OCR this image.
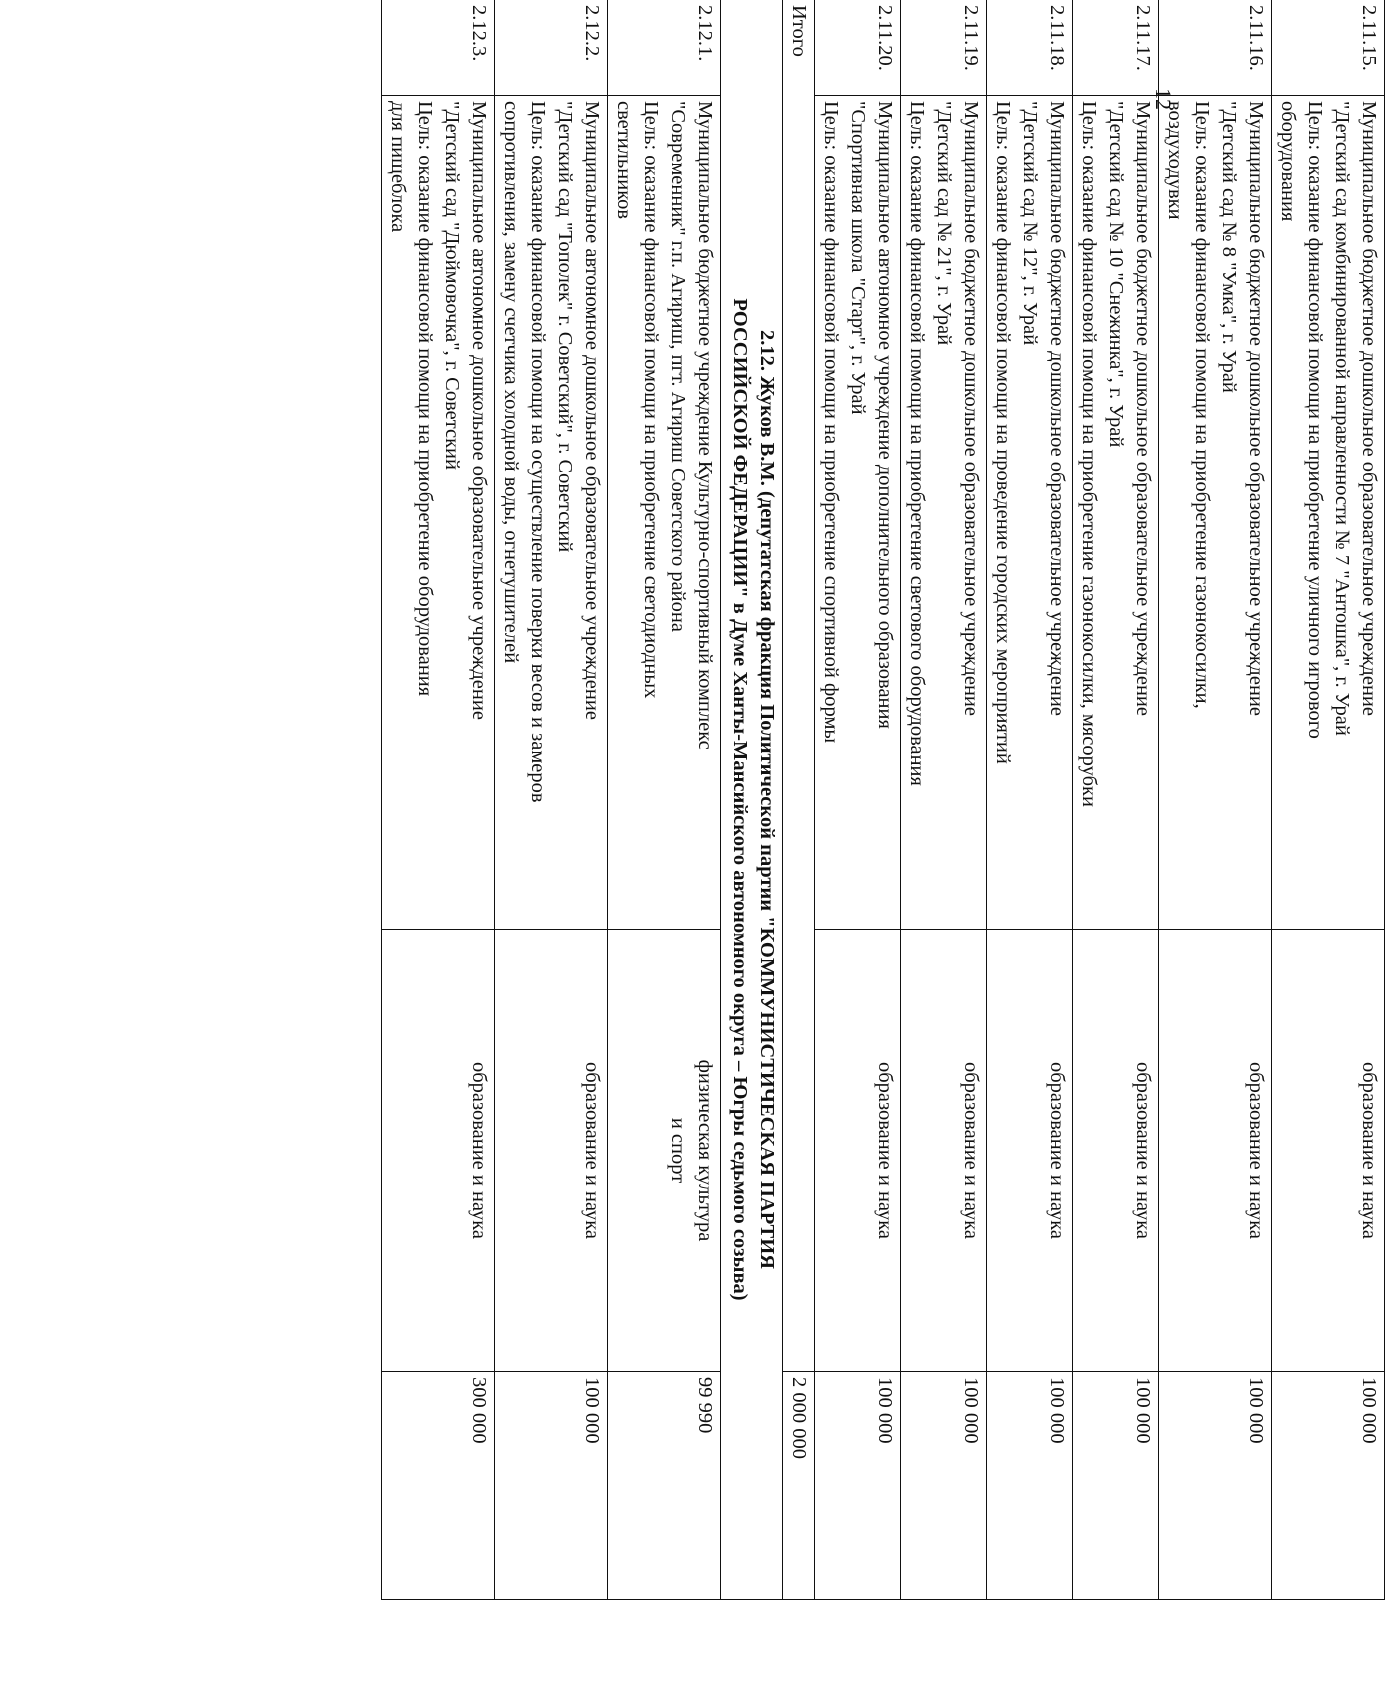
12
2.11.15.	Муниципальное бюджетное дошкольное образовательное учреждение
"Детский сад комбинированной направленности № 7 "Антошка", г. Урай
Цель: оказание финансовой помощи на приобретение уличного игрового
оборудования	образование и наука	100 000
2.11.16.	Муниципальное бюджетное дошкольное образовательное учреждение
"Детский сад № 8 "Умка", г. Урай
Цель: оказание финансовой помощи на приобретение газонокосилки,
воздуходувки	образование и наука	100 000
2.11.17.	Муниципальное бюджетное дошкольное образовательное учреждение
"Детский сад № 10 "Снежинка", г. Урай
Цель: оказание финансовой помощи на приобретение газонокосилки, мясорубки	образование и наука	100 000
2.11.18.	Муниципальное бюджетное дошкольное образовательное учреждение
"Детский сад № 12", г. Урай
Цель: оказание финансовой помощи на проведение городских мероприятий	образование и наука	100 000
2.11.19.	Муниципальное бюджетное дошкольное образовательное учреждение
"Детский сад № 21", г. Урай
Цель: оказание финансовой помощи на приобретение светового оборудования	образование и наука	100 000
2.11.20.	Муниципальное автономное учреждение дополнительного образования
"Спортивная школа "Старт", г. Урай
Цель: оказание финансовой помощи на приобретение спортивной формы	образование и наука	100 000
Итого			2 000 000

2.12. Жуков В.М. (депутатская фракция Политической партии "КОММУНИСТИЧЕСКАЯ ПАРТИЯ
РОССИЙСКОЙ ФЕДЕРАЦИИ" в Думе Ханты-Мансийского автономного округа – Югры седьмого созыва)			

2.12.1.	Муниципальное бюджетное учреждение Культурно-спортивный комплекс
"Современник" г.п. Агириш, пгт. Агириш Советского района
Цель: оказание финансовой помощи на приобретение светодиодных
светильников	физическая культура
и спорт	99 990
2.12.2.	Муниципальное автономное дошкольное образовательное учреждение
"Детский сад "Тополек" г. Советский", г. Советский
Цель: оказание финансовой помощи на осуществление поверки весов и замеров
сопротивления, замену счетчика холодной воды, огнетушителей	образование и наука	100 000
2.12.3.	Муниципальное автономное дошкольное образовательное учреждение
"Детский сад "Дюймовочка", г. Советский
Цель: оказание финансовой помощи на приобретение оборудования
для пищеблока	образование и наука	300 000
